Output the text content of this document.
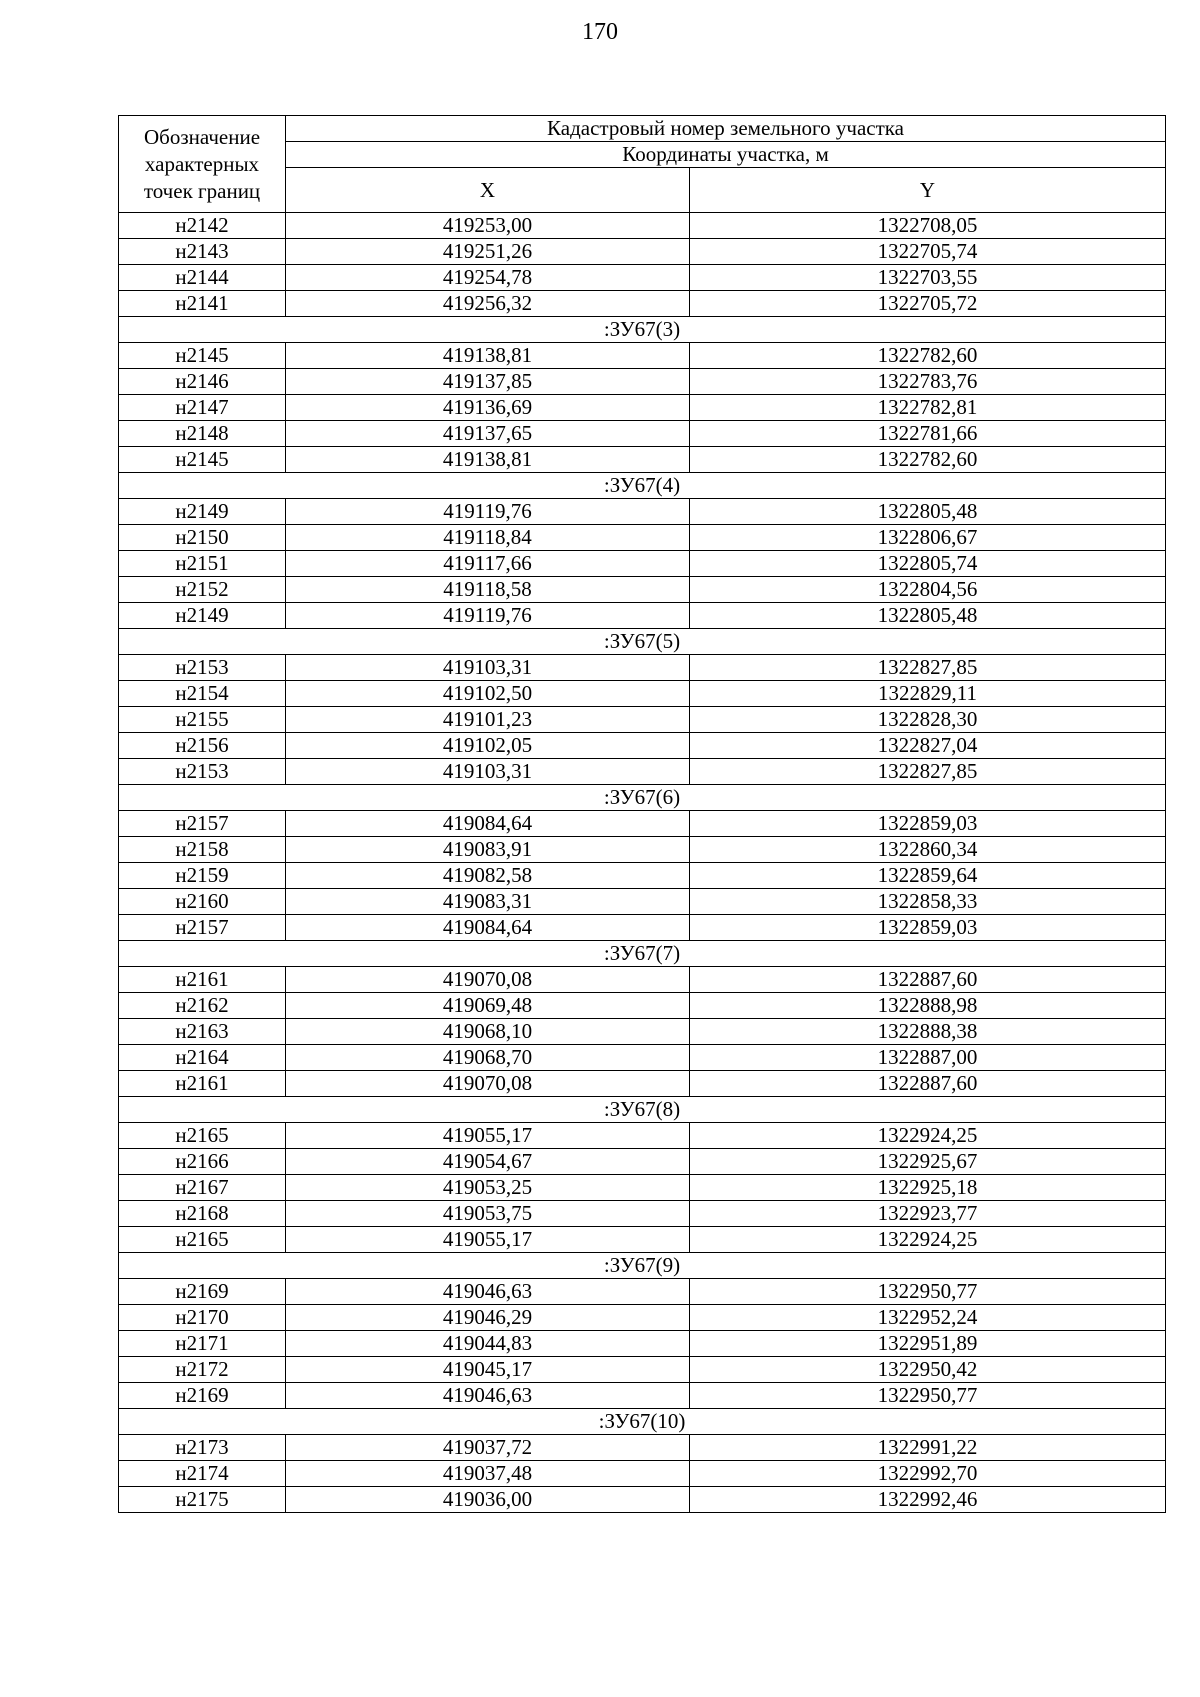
170
Обозначение характерных точек границ	Кадастровый номер земельного участка	
	Координаты участка, м	
	X	Y
н2142	419253,00	1322708,05
н2143	419251,26	1322705,74
н2144	419254,78	1322703,55
н2141	419256,32	1322705,72
:ЗУ67(3)		
н2145	419138,81	1322782,60
н2146	419137,85	1322783,76
н2147	419136,69	1322782,81
н2148	419137,65	1322781,66
н2145	419138,81	1322782,60
:ЗУ67(4)		
н2149	419119,76	1322805,48
н2150	419118,84	1322806,67
н2151	419117,66	1322805,74
н2152	419118,58	1322804,56
н2149	419119,76	1322805,48
:ЗУ67(5)		
н2153	419103,31	1322827,85
н2154	419102,50	1322829,11
н2155	419101,23	1322828,30
н2156	419102,05	1322827,04
н2153	419103,31	1322827,85
:ЗУ67(6)		
н2157	419084,64	1322859,03
н2158	419083,91	1322860,34
н2159	419082,58	1322859,64
н2160	419083,31	1322858,33
н2157	419084,64	1322859,03
:ЗУ67(7)		
н2161	419070,08	1322887,60
н2162	419069,48	1322888,98
н2163	419068,10	1322888,38
н2164	419068,70	1322887,00
н2161	419070,08	1322887,60
:ЗУ67(8)		
н2165	419055,17	1322924,25
н2166	419054,67	1322925,67
н2167	419053,25	1322925,18
н2168	419053,75	1322923,77
н2165	419055,17	1322924,25
:ЗУ67(9)		
н2169	419046,63	1322950,77
н2170	419046,29	1322952,24
н2171	419044,83	1322951,89
н2172	419045,17	1322950,42
н2169	419046,63	1322950,77
:ЗУ67(10)		
н2173	419037,72	1322991,22
н2174	419037,48	1322992,70
н2175	419036,00	1322992,46
